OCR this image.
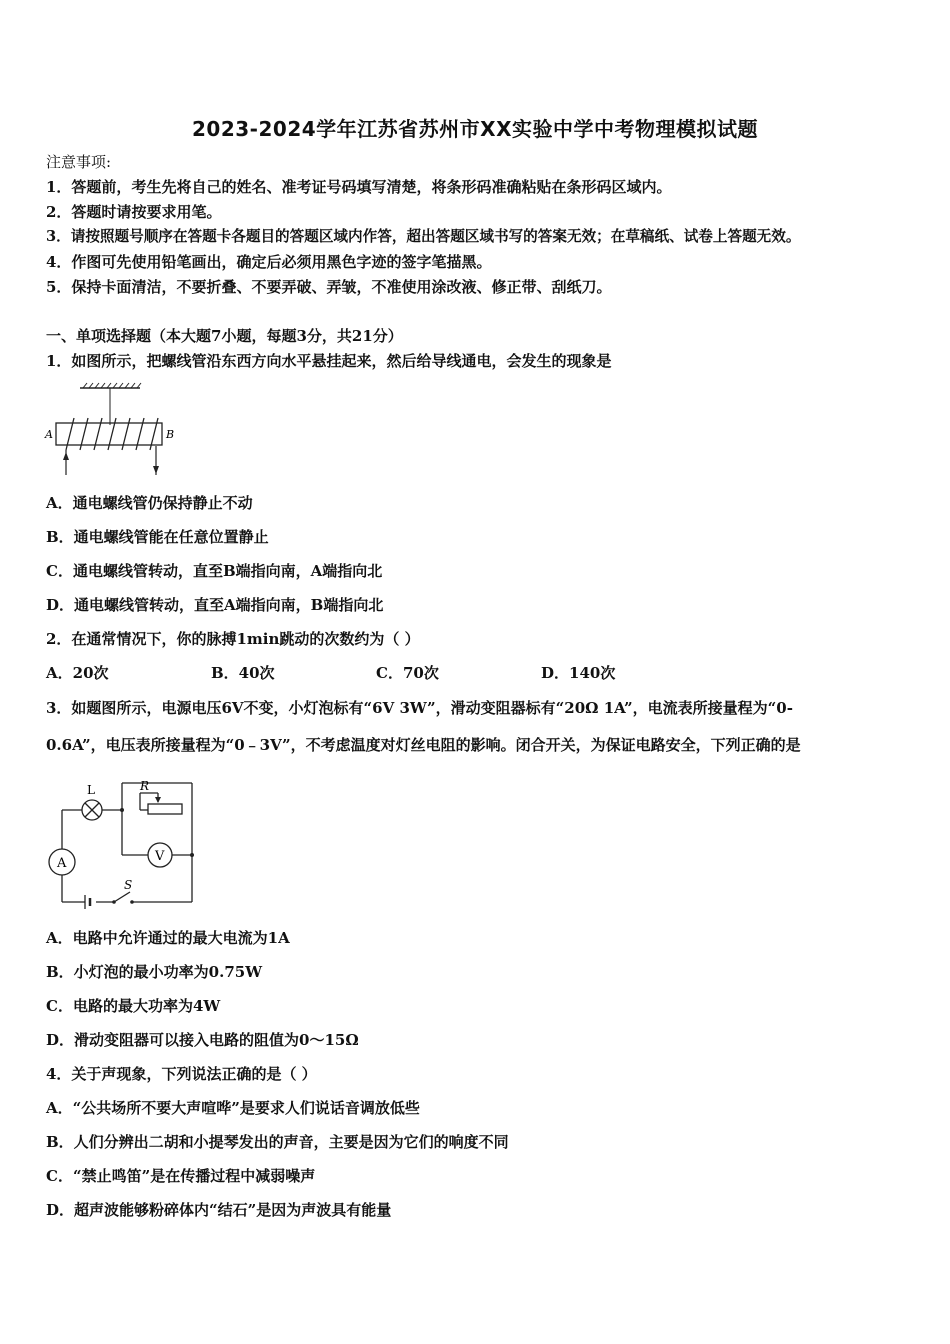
2023-2024学年江苏省苏州市XX实验中学中考物理模拟试题
注意事项:
1．答题前，考生先将自己的姓名、准考证号码填写清楚，将条形码准确粘贴在条形码区域内。
2．答题时请按要求用笔。
3．请按照题号顺序在答题卡各题目的答题区域内作答，超出答题区域书写的答案无效；在草稿纸、试卷上答题无效。
4．作图可先使用铅笔画出，确定后必须用黑色字迹的签字笔描黑。
5．保持卡面清洁，不要折叠、不要弄破、弄皱，不准使用涂改液、修正带、刮纸刀。
一、单项选择题（本大题7小题，每题3分，共21分）
1．如图所示，把螺线管沿东西方向水平悬挂起来，然后给导线通电，会发生的现象是
A	B
A．通电螺线管仍保持静止不动
B．通电螺线管能在任意位置静止
C．通电螺线管转动，直至B端指向南，A端指向北
D．通电螺线管转动，直至A端指向南，B端指向北
2．在通常情况下，你的脉搏1min跳动的次数约为（ ）
A．20次	B．40次	C．70次	D．140次
3．如题图所示，电源电压6V不变，小灯泡标有“6V 3W”，滑动变阻器标有“20Ω 1A”，电流表所接量程为“0-
0.6A”，电压表所接量程为“0﹣3V”，不考虑温度对灯丝电阻的影响。闭合开关，为保证电路安全，下列正确的是
L	R
A	V
S
A．电路中允许通过的最大电流为1A
B．小灯泡的最小功率为0.75W
C．电路的最大功率为4W
D．滑动变阻器可以接入电路的阻值为0～15Ω
4．关于声现象，下列说法正确的是（ ）
A．“公共场所不要大声喧哗”是要求人们说话音调放低些
B．人们分辨出二胡和小提琴发出的声音，主要是因为它们的响度不同
C．“禁止鸣笛”是在传播过程中减弱噪声
D．超声波能够粉碎体内“结石”是因为声波具有能量
